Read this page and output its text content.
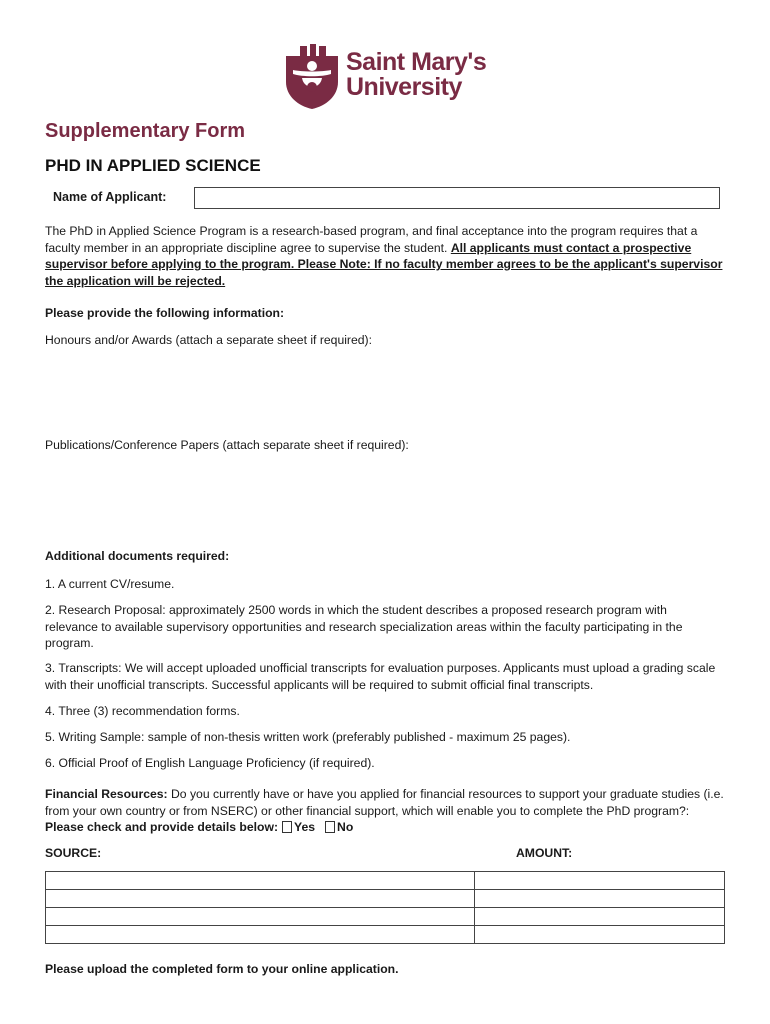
Saint Mary's
University
Supplementary Form
PHD IN APPLIED SCIENCE
Name of Applicant:

The PhD in Applied Science Program is a research-based program, and final acceptance into the program requires that a faculty member in an appropriate discipline agree to supervise the student. All applicants must contact a prospective supervisor before applying to the program. Please Note: If no faculty member agrees to be the applicant's supervisor the application will be rejected.

Please provide the following information:

Honours and/or Awards (attach a separate sheet if required):

Publications/Conference Papers (attach separate sheet if required):

Additional documents required:

1. A current CV/resume.

2. Research Proposal: approximately 2500 words in which the student describes a proposed research program with relevance to available supervisory opportunities and research specialization areas within the faculty participating in the program.

3. Transcripts: We will accept uploaded unofficial transcripts for evaluation purposes. Applicants must upload a grading scale with their unofficial transcripts. Successful applicants will be required to submit official final transcripts.

4. Three (3) recommendation forms.

5. Writing Sample: sample of non-thesis written work (preferably published - maximum 25 pages).

6. Official Proof of English Language Proficiency (if required).

Financial Resources: Do you currently have or have you applied for financial resources to support your graduate studies (i.e. from your own country or from NSERC) or other financial support, which will enable you to complete the PhD program?: Please check and provide details below: Yes No

SOURCE:	AMOUNT:

Please upload the completed form to your online application.
